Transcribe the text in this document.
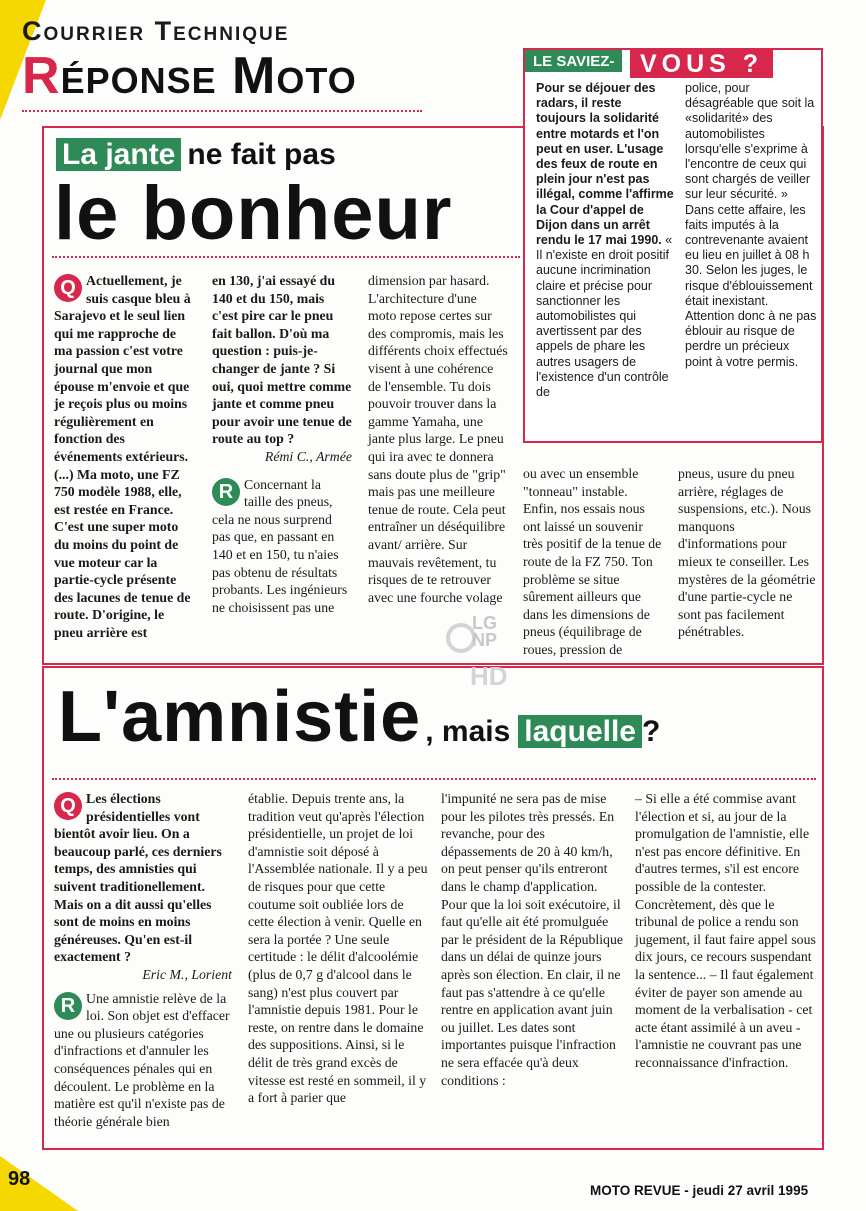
Courrier Technique
Réponse Moto	LE SAVIEZ-	VOUS ?
Pour se déjouer des radars, il reste toujours la solidarité entre motards et l'on peut en user. L'usage des feux de route en plein jour n'est pas illégal, comme l'affirme la Cour d'appel de Dijon dans un arrêt rendu le 17 mai 1990. « Il n'existe en droit positif aucune incrimination claire et précise pour sanctionner les automobilistes qui avertissent par des appels de phare les autres usagers de l'existence d'un contrôle de
police, pour désagréable que soit la «solidarité» des automobilistes lorsqu'elle s'exprime à l'encontre de ceux qui sont chargés de veiller sur leur sécurité. » Dans cette affaire, les faits imputés à la contrevenante avaient eu lieu en juillet à 08 h 30. Selon les juges, le risque d'éblouissement était inexistant. Attention donc à ne pas éblouir au risque de perdre un précieux point à votre permis.
La jante ne fait pas
le bonheur
Q Actuellement, je suis casque bleu à Sarajevo et le seul lien qui me rapproche de ma passion c'est votre journal que mon épouse m'envoie et que je reçois plus ou moins régulièrement en fonction des événements extérieurs. (...) Ma moto, une FZ 750 modèle 1988, elle, est restée en France. C'est une super moto du moins du point de vue moteur car la partie-cycle présente des lacunes de tenue de route. D'origine, le pneu arrière est
en 130, j'ai essayé du 140 et du 150, mais c'est pire car le pneu fait ballon. D'où ma question : puis-je-changer de jante ? Si oui, quoi mettre comme jante et comme pneu pour avoir une tenue de route au top ?
Rémi C., Armée
R Concernant la taille des pneus, cela ne nous surprend pas que, en passant en 140 et en 150, tu n'aies pas obtenu de résultats probants. Les ingénieurs ne choisissent pas une
dimension par hasard. L'architecture d'une moto repose certes sur des compromis, mais les différents choix effectués visent à une cohérence de l'ensemble. Tu dois pouvoir trouver dans la gamme Yamaha, une jante plus large. Le pneu qui ira avec te donnera sans doute plus de "grip" mais pas une meilleure tenue de route. Cela peut entraîner un déséquilibre avant/ arrière. Sur mauvais revêtement, tu risques de te retrouver avec une fourche volage
ou avec un ensemble "tonneau" instable. Enfin, nos essais nous ont laissé un souvenir très positif de la tenue de route de la FZ 750. Ton problème se situe sûrement ailleurs que dans les dimensions de pneus (équilibrage de roues, pression de
pneus, usure du pneu arrière, réglages de suspensions, etc.). Nous manquons d'informations pour mieux te conseiller. Les mystères de la géométrie d'une partie-cycle ne sont pas facilement pénétrables.
LG
NP
HD
L'amnistie , mais laquelle ?
Q Les élections présidentielles vont bientôt avoir lieu. On a beaucoup parlé, ces derniers temps, des amnisties qui suivent traditionellement. Mais on a dit aussi qu'elles sont de moins en moins généreuses. Qu'en est-il exactement ?
Eric M., Lorient
R Une amnistie relève de la loi. Son objet est d'effacer une ou plusieurs catégories d'infractions et d'annuler les conséquences pénales qui en découlent. Le problème en la matière est qu'il n'existe pas de théorie générale bien
établie. Depuis trente ans, la tradition veut qu'après l'élection présidentielle, un projet de loi d'amnistie soit déposé à l'Assemblée nationale. Il y a peu de risques pour que cette coutume soit oubliée lors de cette élection à venir. Quelle en sera la portée ? Une seule certitude : le délit d'alcoolémie (plus de 0,7 g d'alcool dans le sang) n'est plus couvert par l'amnistie depuis 1981. Pour le reste, on rentre dans le domaine des suppositions. Ainsi, si le délit de très grand excès de vitesse est resté en sommeil, il y a fort à parier que
l'impunité ne sera pas de mise pour les pilotes très pressés. En revanche, pour des dépassements de 20 à 40 km/h, on peut penser qu'ils entreront dans le champ d'application. Pour que la loi soit exécutoire, il faut qu'elle ait été promulguée par le président de la République dans un délai de quinze jours après son élection. En clair, il ne faut pas s'attendre à ce qu'elle rentre en application avant juin ou juillet. Les dates sont importantes puisque l'infraction ne sera effacée qu'à deux conditions :
– Si elle a été commise avant l'élection et si, au jour de la promulgation de l'amnistie, elle n'est pas encore définitive. En d'autres termes, s'il est encore possible de la contester. Concrètement, dès que le tribunal de police a rendu son jugement, il faut faire appel sous dix jours, ce recours suspendant la sentence... – Il faut également éviter de payer son amende au moment de la verbalisation - cet acte étant assimilé à un aveu - l'amnistie ne couvrant pas une reconnaissance d'infraction.
98
MOTO REVUE - jeudi 27 avril 1995
